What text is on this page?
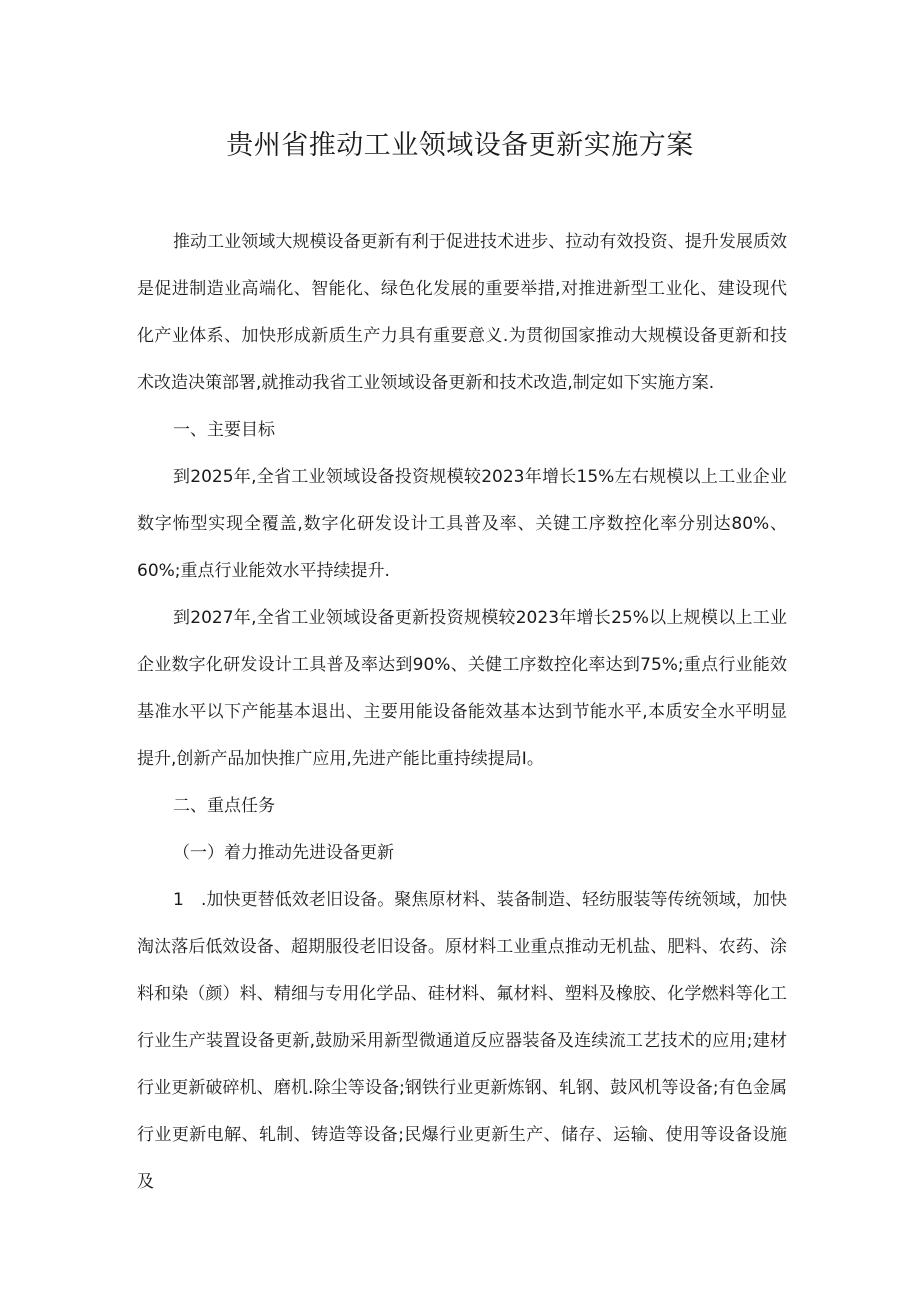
贵州省推动工业领域设备更新实施方案

推动工业领域大规模设备更新有利于促进技术进步、拉动有效投资、提升发展质效是促进制造业高端化、智能化、绿色化发展的重要举措,对推进新型工业化、建设现代化产业体系、加快形成新质生产力具有重要意义.为贯彻国家推动大规模设备更新和技术改造决策部署,就推动我省工业领域设备更新和技术改造,制定如下实施方案.

一、主要目标

到2025年,全省工业领域设备投资规模较2023年增长15%左右规模以上工业企业数字怖型实现全覆盖,数字化研发设计工具普及率、关键工序数控化率分别达80%、60%;重点行业能效水平持续提升.

到2027年,全省工业领域设备更新投资规模较2023年增长25%以上规模以上工业企业数字化研发设计工具普及率达到90%、关健工序数控化率达到75%;重点行业能效基准水平以下产能基本退出、主要用能设备能效基本达到节能水平,本质安全水平明显提升,创新产品加快推广应用,先进产能比重持续提局I。

二、重点任务

（一）着力推动先进设备更新

1　.加快更替低效老旧设备。聚焦原材料、装备制造、轻纺服装等传统领域，加快淘汰落后低效设备、超期服役老旧设备。原材料工业重点推动无机盐、肥料、农药、涂料和染（颜）料、精细与专用化学品、硅材料、氟材料、塑料及橡胶、化学燃料等化工行业生产装置设备更新,鼓励采用新型微通道反应器装备及连续流工艺技术的应用;建材行业更新破碎机、磨机.除尘等设备;钢铁行业更新炼钢、轧钢、鼓风机等设备;有色金属行业更新电解、轧制、铸造等设备;民爆行业更新生产、储存、运输、使用等设备设施及
